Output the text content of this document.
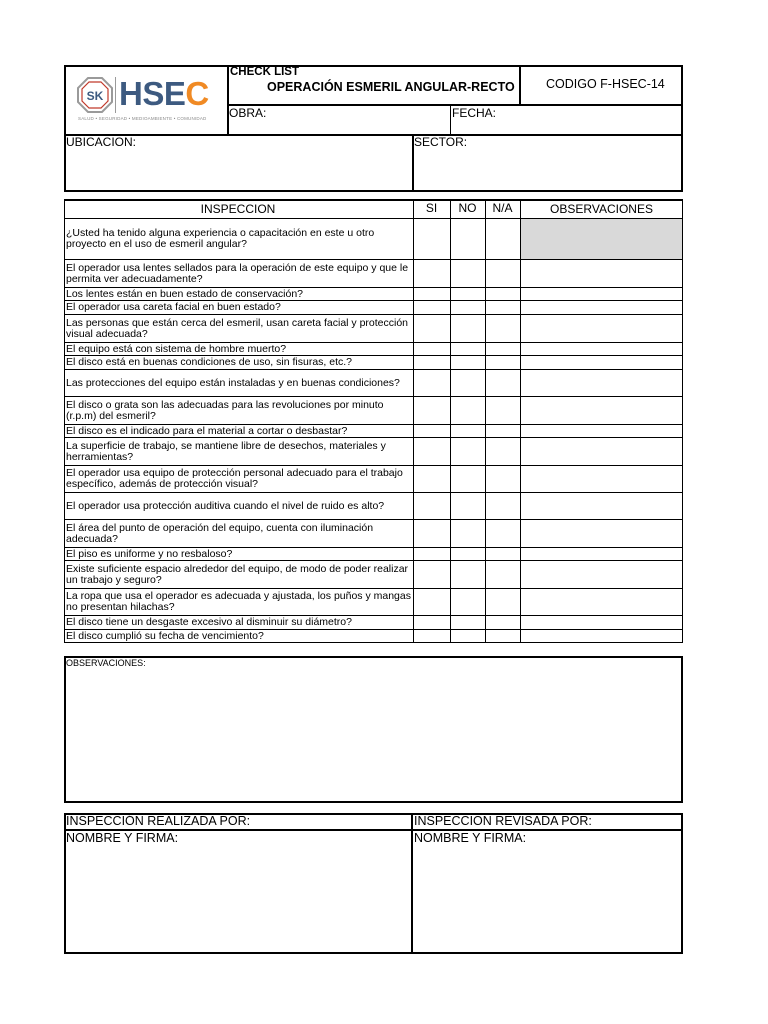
SK HSEC
SALUD • SEGURIDAD • MEDIOAMBIENTE • COMUNIDAD
CHECK LIST
OPERACIÓN ESMERIL ANGULAR-RECTO	CODIGO F-HSEC-14
OBRA:	FECHA:
UBICACION:	SECTOR:
INSPECCION	SI	NO	N/A	OBSERVACIONES
¿Usted ha tenido alguna experiencia o capacitación en este u otro proyecto en el uso de esmeril angular?
El operador usa lentes sellados para la operación de este equipo y que le permita ver adecuadamente?
Los lentes están en buen estado de conservación?
El operador usa careta facial en buen estado?
Las personas que están cerca del esmeril, usan careta facial y protección visual adecuada?
El equipo está con sistema de hombre muerto?
El disco está en buenas condiciones de uso, sin fisuras, etc.?
Las protecciones del equipo están instaladas y en buenas condiciones?
El disco o grata son las adecuadas para las revoluciones por minuto (r.p.m) del esmeril?
El disco es el indicado para el material a cortar o desbastar?
La superficie de trabajo, se mantiene libre de desechos, materiales y herramientas?
El operador usa equipo de protección personal adecuado para el trabajo específico, además de protección visual?
El operador usa protección auditiva cuando el nivel de ruido es alto?
El área del punto de operación del equipo, cuenta con iluminación adecuada?
El piso es uniforme y no resbaloso?
Existe suficiente espacio alrededor del equipo, de modo de poder realizar un trabajo y seguro?
La ropa que usa el operador es adecuada y ajustada, los puños y mangas no presentan hilachas?
El disco tiene un desgaste excesivo al disminuir su diámetro?
El disco cumplió su fecha de vencimiento?
OBSERVACIONES:
INSPECCIÓN REALIZADA POR:	INSPECCION REVISADA POR:
NOMBRE Y FIRMA:	NOMBRE Y FIRMA:
